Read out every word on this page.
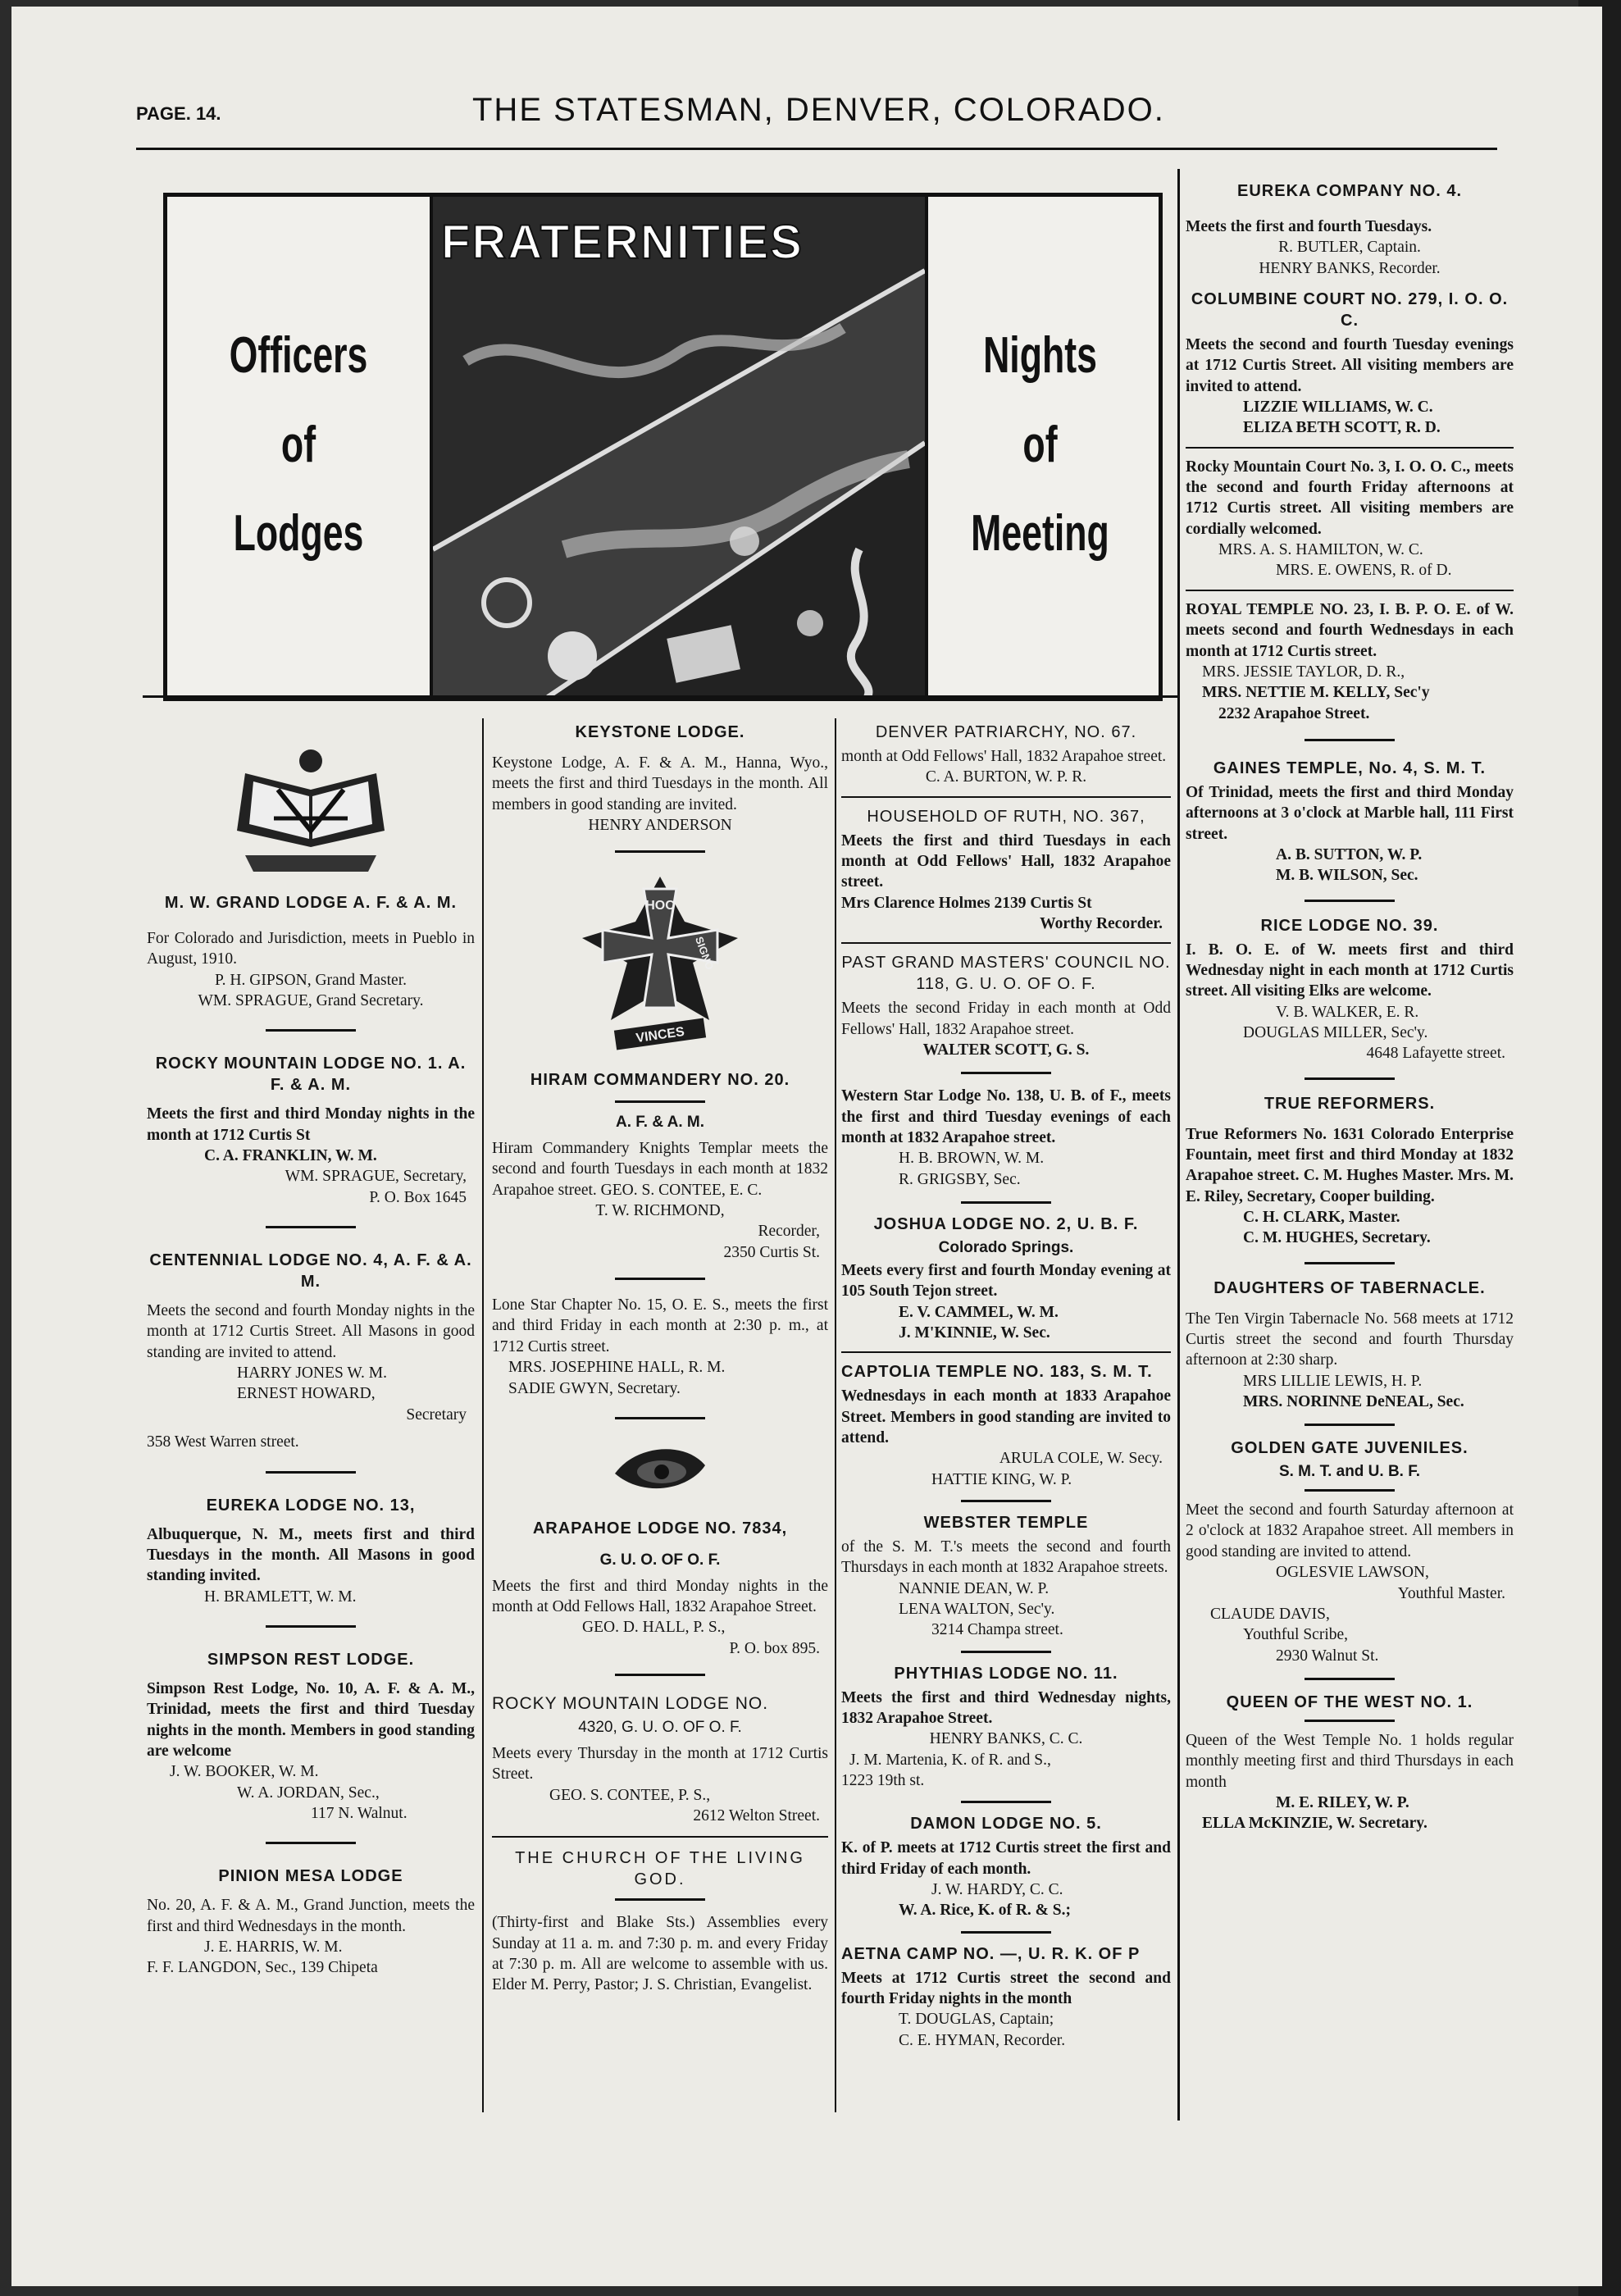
PAGE. 14.	THE STATESMAN, DENVER, COLORADO.
Officers
of
Lodges
FRATERNITIES
Nights
of
Meeting

M. W. GRAND LODGE A. F. & A. M.

For Colorado and Jurisdiction, meets in Pueblo in August, 1910.

P. H. GIPSON, Grand Master.

WM. SPRAGUE, Grand Secretary.

ROCKY MOUNTAIN LODGE NO. 1. A. F. & A. M.

Meets the first and third Monday nights in the month at 1712 Curtis St

C. A. FRANKLIN, W. M.

WM. SPRAGUE, Secretary,

P. O. Box 1645

CENTENNIAL LODGE NO. 4, A. F. & A. M.

Meets the second and fourth Monday nights in the month at 1712 Curtis Street. All Masons in good standing are invited to attend.

HARRY JONES W. M.

ERNEST HOWARD,

Secretary

358 West Warren street.

EUREKA LODGE NO. 13,

Albuquerque, N. M., meets first and third Tuesdays in the month. All Masons in good standing invited.

H. BRAMLETT, W. M.

SIMPSON REST LODGE.

Simpson Rest Lodge, No. 10, A. F. & A. M., Trinidad, meets the first and third Tuesday nights in the month. Members in good standing are welcome

J. W. BOOKER, W. M.

W. A. JORDAN, Sec.,

117 N. Walnut.

PINION MESA LODGE

No. 20, A. F. & A. M., Grand Junction, meets the first and third Wednesdays in the month.

J. E. HARRIS, W. M.

F. F. LANGDON, Sec., 139 Chipeta

KEYSTONE LODGE.

Keystone Lodge, A. F. & A. M., Hanna, Wyo., meets the first and third Tuesdays in the month. All members in good standing are invited.

HENRY ANDERSON

HOC
SIGNO
VINCES

HIRAM COMMANDERY NO. 20.

A. F. & A. M.

Hiram Commandery Knights Templar meets the second and fourth Tuesdays in each month at 1832 Arapahoe street. GEO. S. CONTEE, E. C.

T. W. RICHMOND,

Recorder,

2350 Curtis St.

Lone Star Chapter No. 15, O. E. S., meets the first and third Friday in each month at 2:30 p. m., at 1712 Curtis street.

MRS. JOSEPHINE HALL, R. M.

SADIE GWYN, Secretary.

ARAPAHOE LODGE NO. 7834,

G. U. O. OF O. F.

Meets the first and third Monday nights in the month at Odd Fellows Hall, 1832 Arapahoe Street.

GEO. D. HALL, P. S.,

P. O. box 895.

ROCKY MOUNTAIN LODGE NO.

4320, G. U. O. OF O. F.

Meets every Thursday in the month at 1712 Curtis Street.

GEO. S. CONTEE, P. S.,

2612 Welton Street.

THE CHURCH OF THE LIVING GOD.

(Thirty-first and Blake Sts.) Assemblies every Sunday at 11 a. m. and 7:30 p. m. and every Friday at 7:30 p. m. All are welcome to assemble with us. Elder M. Perry, Pastor; J. S. Christian, Evangelist.

DENVER PATRIARCHY, NO. 67.

month at Odd Fellows' Hall, 1832 Arapahoe street.

C. A. BURTON, W. P. R.

HOUSEHOLD OF RUTH, NO. 367,

Meets the first and third Tuesdays in each month at Odd Fellows' Hall, 1832 Arapahoe street.

Mrs Clarence Holmes 2139 Curtis St

Worthy Recorder.

PAST GRAND MASTERS' COUNCIL NO. 118, G. U. O. OF O. F.

Meets the second Friday in each month at Odd Fellows' Hall, 1832 Arapahoe street.

WALTER SCOTT, G. S.

Western Star Lodge No. 138, U. B. of F., meets the first and third Tuesday evenings of each month at 1832 Arapahoe street.

H. B. BROWN, W. M.

R. GRIGSBY, Sec.

JOSHUA LODGE NO. 2, U. B. F.

Colorado Springs.

Meets every first and fourth Monday evening at 105 South Tejon street.

E. V. CAMMEL, W. M.

J. M'KINNIE, W. Sec.

CAPTOLIA TEMPLE NO. 183, S. M. T.

Wednesdays in each month at 1833 Arapahoe Street. Members in good standing are invited to attend.

ARULA COLE, W. Secy.

HATTIE KING, W. P.

WEBSTER TEMPLE

of the S. M. T.'s meets the second and fourth Thursdays in each month at 1832 Arapahoe streets.

NANNIE DEAN, W. P.

LENA WALTON, Sec'y.

3214 Champa street.

PHYTHIAS LODGE NO. 11.

Meets the first and third Wednesday nights, 1832 Arapahoe Street.

HENRY BANKS, C. C.

J. M. Martenia, K. of R. and S.,

1223 19th st.

DAMON LODGE NO. 5.

K. of P. meets at 1712 Curtis street the first and third Friday of each month.

J. W. HARDY, C. C.

W. A. Rice, K. of R. & S.;

AETNA CAMP NO. —, U. R. K. OF P

Meets at 1712 Curtis street the second and fourth Friday nights in the month

T. DOUGLAS, Captain;

C. E. HYMAN, Recorder.

EUREKA COMPANY NO. 4.

Meets the first and fourth Tuesdays.

R. BUTLER, Captain.

HENRY BANKS, Recorder.

COLUMBINE COURT NO. 279, I. O. O. C.

Meets the second and fourth Tuesday evenings at 1712 Curtis Street. All visiting members are invited to attend.

LIZZIE WILLIAMS, W. C.

ELIZA BETH SCOTT, R. D.

Rocky Mountain Court No. 3, I. O. O. C., meets the second and fourth Friday afternoons at 1712 Curtis street. All visiting members are cordially welcomed.

MRS. A. S. HAMILTON, W. C.

MRS. E. OWENS, R. of D.

ROYAL TEMPLE NO. 23, I. B. P. O. E. of W. meets second and fourth Wednesdays in each month at 1712 Curtis street.

MRS. JESSIE TAYLOR, D. R.,

MRS. NETTIE M. KELLY, Sec'y

2232 Arapahoe Street.

GAINES TEMPLE, No. 4, S. M. T.

Of Trinidad, meets the first and third Monday afternoons at 3 o'clock at Marble hall, 111 First street.

A. B. SUTTON, W. P.

M. B. WILSON, Sec.

RICE LODGE NO. 39.

I. B. O. E. of W. meets first and third Wednesday night in each month at 1712 Curtis street. All visiting Elks are welcome.

V. B. WALKER, E. R.

DOUGLAS MILLER, Sec'y.

4648 Lafayette street.

TRUE REFORMERS.

True Reformers No. 1631 Colorado Enterprise Fountain, meet first and third Monday at 1832 Arapahoe street. C. M. Hughes Master. Mrs. M. E. Riley, Secretary, Cooper building.

C. H. CLARK, Master.

C. M. HUGHES, Secretary.

DAUGHTERS OF TABERNACLE.

The Ten Virgin Tabernacle No. 568 meets at 1712 Curtis street the second and fourth Thursday afternoon at 2:30 sharp.

MRS LILLIE LEWIS, H. P.

MRS. NORINNE DeNEAL, Sec.

GOLDEN GATE JUVENILES.

S. M. T. and U. B. F.

Meet the second and fourth Saturday afternoon at 2 o'clock at 1832 Arapahoe street. All members in good standing are invited to attend.

OGLESVIE LAWSON,

Youthful Master.

CLAUDE DAVIS,

Youthful Scribe,

2930 Walnut St.

QUEEN OF THE WEST NO. 1.

Queen of the West Temple No. 1 holds regular monthly meeting first and third Thursdays in each month

M. E. RILEY, W. P.

ELLA McKINZIE, W. Secretary.
